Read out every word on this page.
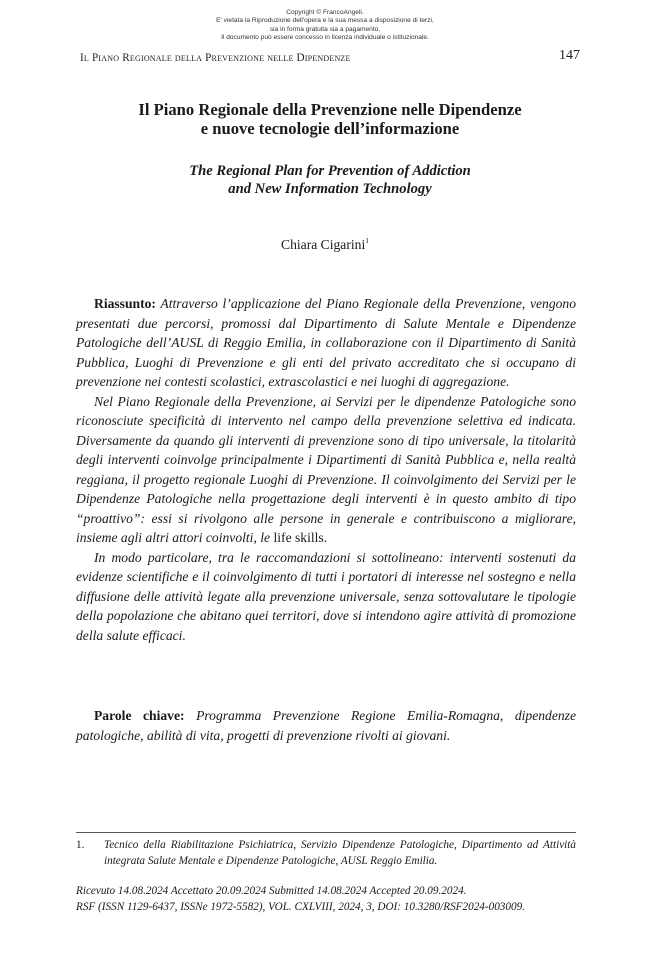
Copyright © FrancoAngeli.
E' vietata la Riproduzione dell'opera e la sua messa a disposizione di terzi,
sia in forma gratuita sia a pagamento.
Il documento può essere concesso in licenza individuale o istituzionale.
Il Piano Regionale della Prevenzione nelle Dipendenze	147
Il Piano Regionale della Prevenzione nelle Dipendenze
e nuove tecnologie dell’informazione
The Regional Plan for Prevention of Addiction
and New Information Technology
Chiara Cigarini$^1$

Riassunto: Attraverso l’applicazione del Piano Regionale della Prevenzione, vengono presentati due percorsi, promossi dal Dipartimento di Salute Mentale e Dipendenze Patologiche dell’AUSL di Reggio Emilia, in collaborazione con il Dipartimento di Sanità Pubblica, Luoghi di Prevenzione e gli enti del privato accreditato che si occupano di prevenzione nei contesti scolastici, extrascolastici e nei luoghi di aggregazione.

Nel Piano Regionale della Prevenzione, ai Servizi per le dipendenze Patologiche sono riconosciute specificità di intervento nel campo della prevenzione selettiva ed indicata. Diversamente da quando gli interventi di prevenzione sono di tipo universale, la titolarità degli interventi coinvolge principalmente i Dipartimenti di Sanità Pubblica e, nella realtà reggiana, il progetto regionale Luoghi di Prevenzione. Il coinvolgimento dei Servizi per le Dipendenze Patologiche nella progettazione degli interventi è in questo ambito di tipo “proattivo”: essi si rivolgono alle persone in generale e contribuiscono a migliorare, insieme agli altri attori coinvolti, le life skills.

In modo particolare, tra le raccomandazioni si sottolineano: interventi sostenuti da evidenze scientifiche e il coinvolgimento di tutti i portatori di interesse nel sostegno e nella diffusione delle attività legate alla prevenzione universale, senza sottovalutare le tipologie della popolazione che abitano quei territori, dove si intendono agire attività di promozione della salute efficaci.

Parole chiave: Programma Prevenzione Regione Emilia-Romagna, dipendenze patologiche, abilità di vita, progetti di prevenzione rivolti ai giovani.
1. Tecnico della Riabilitazione Psichiatrica, Servizio Dipendenze Patologiche, Dipartimento ad Attività integrata Salute Mentale e Dipendenze Patologiche, AUSL Reggio Emilia.
Ricevuto 14.08.2024 Accettato 20.09.2024 Submitted 14.08.2024 Accepted 20.09.2024.
RSF (ISSN 1129-6437, ISSNe 1972-5582), VOL. CXLVIII, 2024, 3, DOI: 10.3280/RSF2024-003009.
